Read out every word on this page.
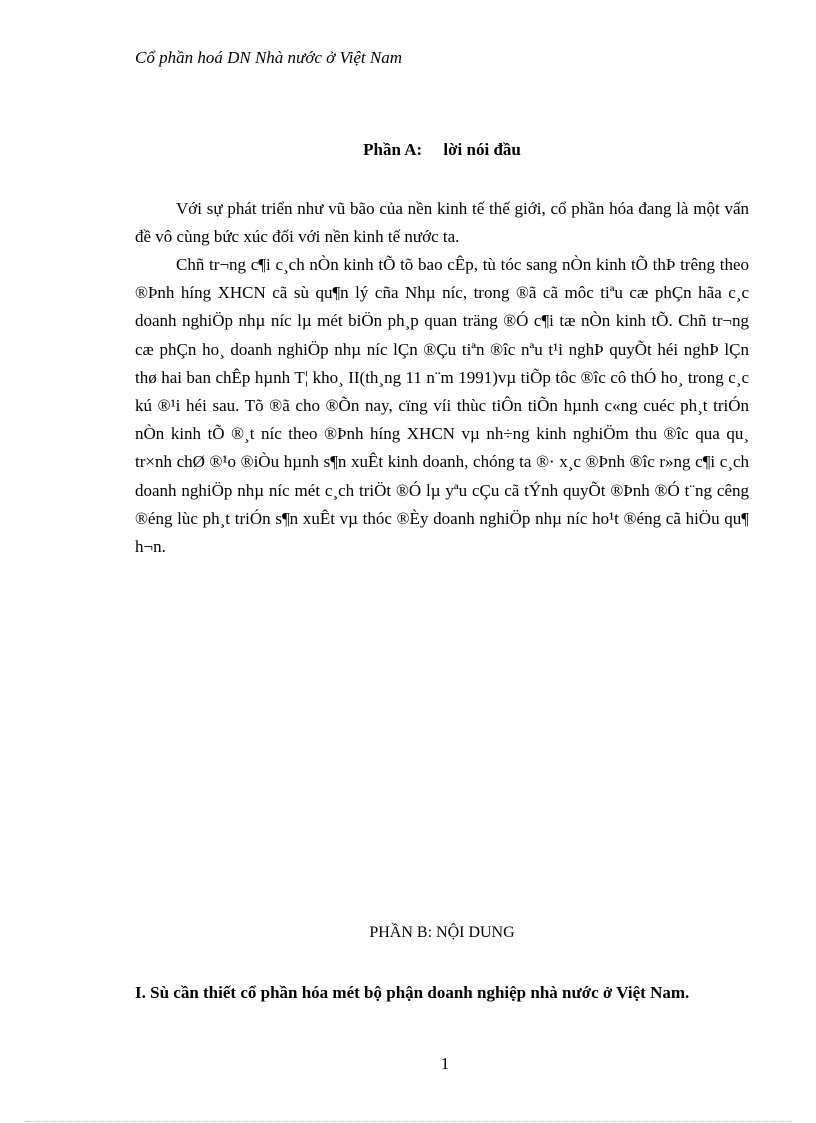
Cổ phần hoá DN Nhà nước ở Việt Nam
Phần A:     lời nói đầu

Với sự phát triển như vũ bão của nền kinh tế thế giới, cổ phần hóa đang là một vấn đề vô cùng bức xúc đối với nền kinh tế nước ta.

Chñ tr¬ng c¶i c¸ch nÒn kinh tÕ tõ bao cÊp, tù tóc sang nÒn kinh tÕ thÞ trêng theo ®Þnh híng XHCN cã sù qu¶n lý cña Nhµ níc, trong ®ã cã môc tiªu cæ phÇn hãa c¸c doanh nghiÖp nhµ níc lµ mét biÖn ph¸p quan träng ®Ó c¶i tæ nÒn kinh tÕ. Chñ tr¬ng cæ phÇn ho¸ doanh nghiÖp nhµ níc lÇn ®Çu tiªn ®îc nªu t¹i nghÞ quyÕt héi nghÞ lÇn thø hai ban chÊp hµnh T¦ kho¸ II(th¸ng 11 n¨m 1991)vµ tiÕp tôc ®îc cô thÓ ho¸ trong c¸c kú ®¹i héi sau. Tõ ®ã cho ®Õn nay, cïng víi thùc tiÔn tiÕn hµnh c«ng cuéc ph¸t triÓn nÒn kinh tÕ ®¸t níc theo ®Þnh híng XHCN vµ nh÷ng kinh nghiÖm thu ®îc qua qu¸ tr×nh chØ ®¹o ®iÒu hµnh s¶n xuÊt kinh doanh, chóng ta ®· x¸c ®Þnh ®îc r»ng c¶i c¸ch doanh nghiÖp nhµ níc mét c¸ch triÖt ®Ó lµ yªu cÇu cã tÝnh quyÕt ®Þnh ®Ó t¨ng cêng ®éng lùc ph¸t triÓn s¶n xuÊt vµ thóc ®Èy doanh nghiÖp nhµ níc ho¹t ®éng cã hiÖu qu¶ h¬n.

PHẦN B: NỘI DUNG
I. Sù cần thiết cổ phần hóa mét bộ phận doanh nghiệp nhà nước ở Việt Nam.
1
